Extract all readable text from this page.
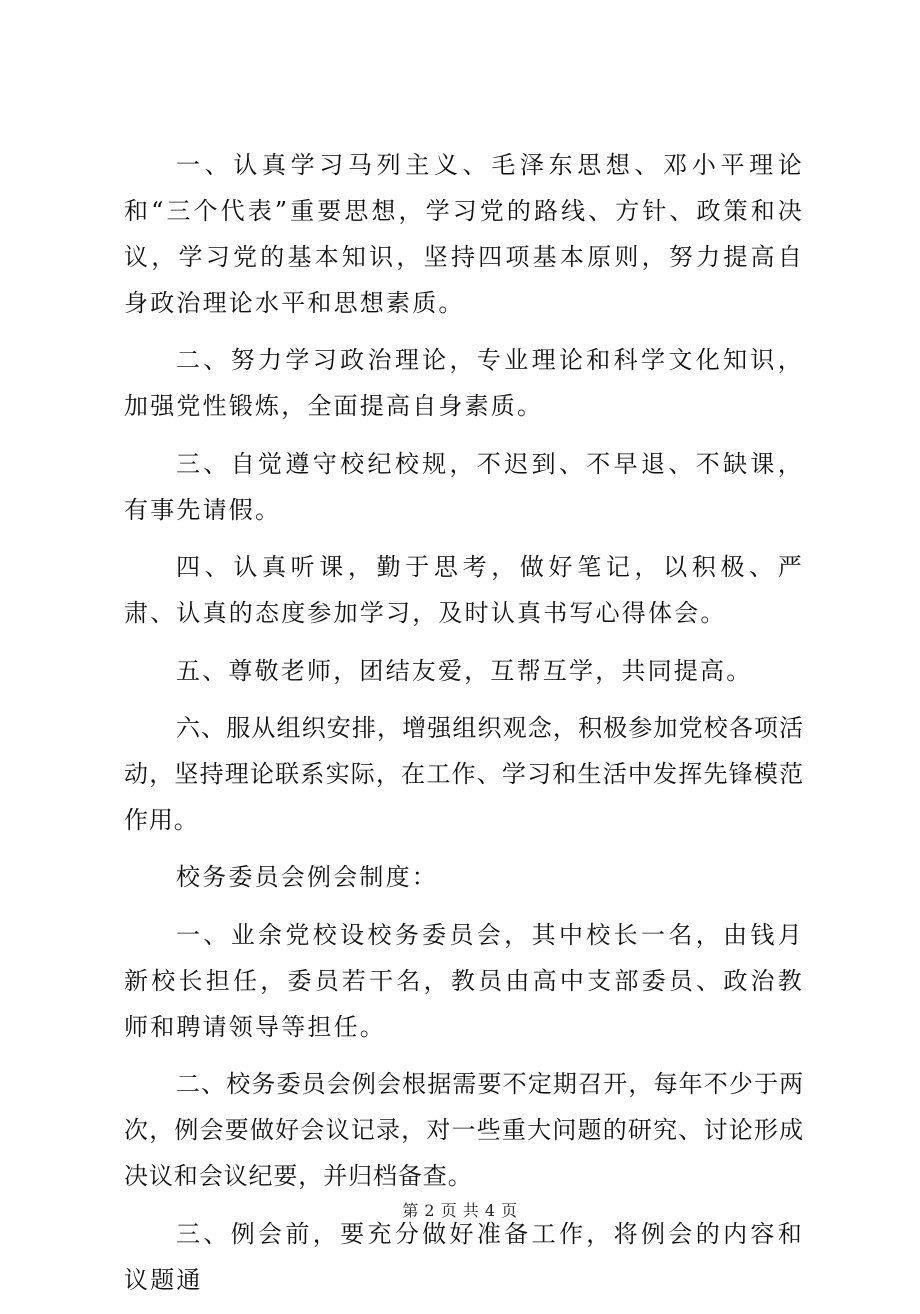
zixin.com.cn

一、认真学习马列主义、毛泽东思想、邓小平理论和“三个代表”重要思想，学习党的路线、方针、政策和决议，学习党的基本知识，坚持四项基本原则，努力提高自身政治理论水平和思想素质。

二、努力学习政治理论，专业理论和科学文化知识，加强党性锻炼，全面提高自身素质。

三、自觉遵守校纪校规，不迟到、不早退、不缺课，有事先请假。

四、认真听课，勤于思考，做好笔记，以积极、严肃、认真的态度参加学习，及时认真书写心得体会。

五、尊敬老师，团结友爱，互帮互学，共同提高。

六、服从组织安排，增强组织观念，积极参加党校各项活动，坚持理论联系实际，在工作、学习和生活中发挥先锋模范作用。

校务委员会例会制度：

一、业余党校设校务委员会，其中校长一名，由钱月新校长担任，委员若干名，教员由高中支部委员、政治教师和聘请领导等担任。

二、校务委员会例会根据需要不定期召开，每年不少于两次，例会要做好会议记录，对一些重大问题的研究、讨论形成决议和会议纪要，并归档备查。

三、例会前，要充分做好准备工作，将例会的内容和议题通

第 2 页 共 4 页
